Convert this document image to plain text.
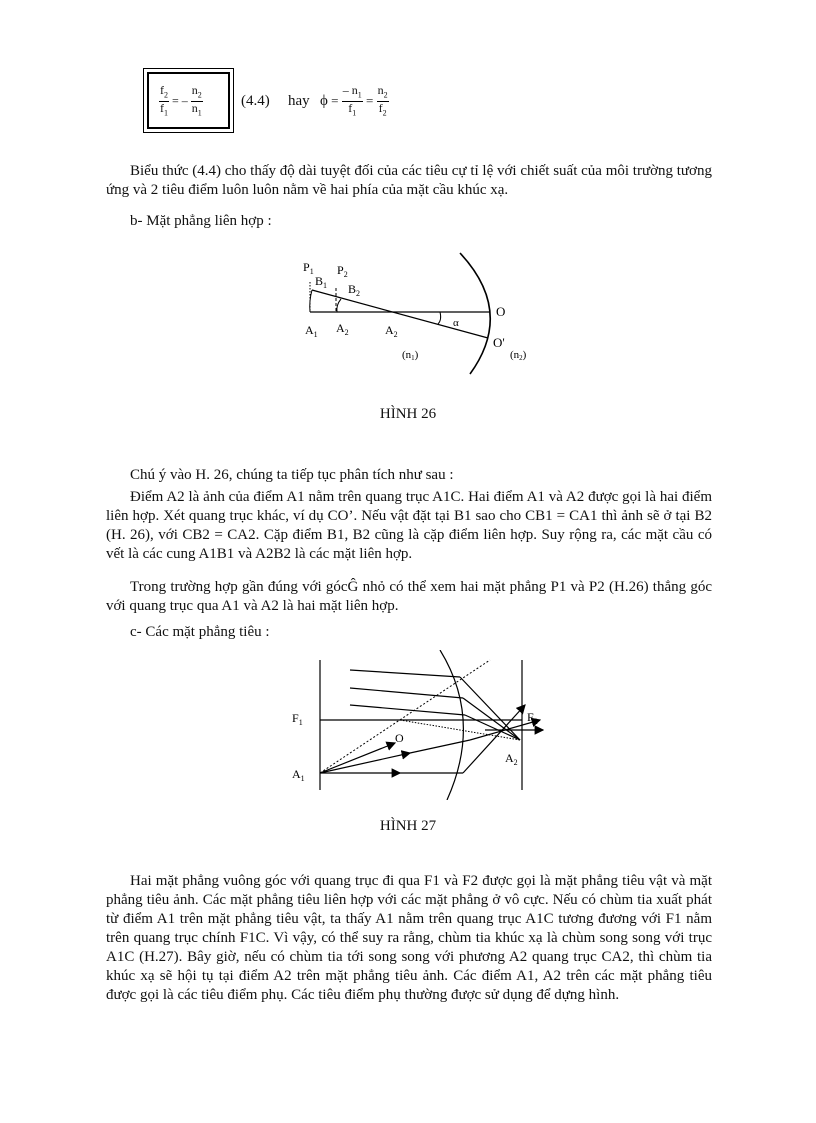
$\frac{f_2}{f_1}$ = – $\frac{n_2}{n_1}$	(4.4) hay $\phi = \frac{- n_1}{f_1} = \frac{n_2}{f_2}$

Biểu thức (4.4) cho thấy độ dài tuyệt đối của các tiêu cự tỉ lệ với chiết suất của môi trường tương ứng và 2 tiêu điểm luôn luôn nằm về hai phía của mặt cầu khúc xạ.

b- Mặt phẳng liên hợp :
$P_1$ $P_2$
$B_1$ $B_2$
$A_1$ $A_2$	$A_2$
O
O'
α
(n1)	(n2)
HÌNH 26
Chú ý vào H. 26, chúng ta tiếp tục phân tích như sau :

Điểm A2 là ảnh của điểm A1 nằm trên quang trục A1C. Hai điểm A1 và A2 được gọi là hai điểm liên hợp. Xét quang trục khác, ví dụ CO’. Nếu vật đặt tại B1 sao cho CB1 = CA1 thì ảnh sẽ ở tại B2 (H. 26), với CB2 = CA2. Cặp điểm B1, B2 cũng là cặp điểm liên hợp. Suy rộng ra, các mặt cầu có vết là các cung A1B1 và A2B2 là các mặt liên hợp.

Trong trường hợp gần đúng với gócĜ nhỏ có thể xem hai mặt phẳng P1 và P2 (H.26) thẳng góc với quang trục qua A1 và A2 là hai mặt liên hợp.

c- Các mặt phẳng tiêu :
$F_1$	$F_2$
O
$A_1$
$A_2$
HÌNH 27

Hai mặt phẳng vuông góc với quang trục đi qua F1 và F2 được gọi là mặt phẳng tiêu vật và mặt phẳng tiêu ảnh. Các mặt phẳng tiêu liên hợp với các mặt phẳng ở vô cực. Nếu có chùm tia xuất phát từ điểm A1 trên mặt phẳng tiêu vật, ta thấy A1 nằm trên quang trục A1C tương đương với F1 nằm trên quang trục chính F1C. Vì vậy, có thể suy ra rằng, chùm tia khúc xạ là chùm song song với trục A1C (H.27). Bây giờ, nếu có chùm tia tới song song với phương A2 quang trục CA2, thì chùm tia khúc xạ sẽ hội tụ tại điểm A2 trên mặt phẳng tiêu ảnh. Các điểm A1, A2 trên các mặt phẳng tiêu được gọi là các tiêu điểm phụ. Các tiêu điểm phụ thường được sử dụng để dựng hình.
